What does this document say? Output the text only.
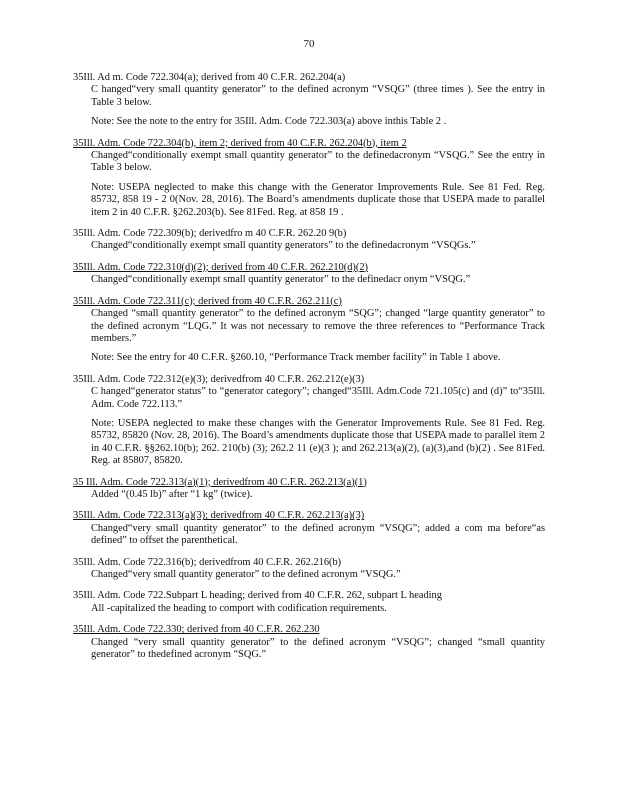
70
35Ill. Ad m. Code 722.304(a); derived from 40 C.F.R. 262.204(a)
C hanged“very small quantity generator” to the defined acronym “VSQG” (three times ). See the entry in Table 3 below.
Note: See the note to the entry for 35Ill. Adm. Code 722.303(a) above inthis Table 2 .
35Ill. Adm. Code 722.304(b), item 2; derived from 40 C.F.R. 262.204(b), item 2
Changed“conditionally exempt small quantity generator” to the definedacronym “VSQG.” See the entry in Table 3 below.
Note: USEPA neglected to make this change with the Generator Improvements Rule. See 81 Fed. Reg. 85732, 858 19 - 2 0(Nov. 28, 2016). The Board’s amendments duplicate those that USEPA made to parallel item 2 in 40 C.F.R. §262.203(b). See 81Fed. Reg. at 858 19 .
35Ill. Adm. Code 722.309(b); derivedfro m 40 C.F.R. 262.20 9(b)
Changed“conditionally exempt small quantity generators” to the definedacronym “VSQGs.”
35Ill. Adm. Code 722.310(d)(2); derived from 40 C.F.R. 262.210(d)(2)
Changed“conditionally exempt small quantity generator” to the definedacr onym “VSQG.”
35Ill. Adm. Code 722.311(c); derived from 40 C.F.R. 262.211(c)
Changed “small quantity generator” to the defined acronym “SQG”; changed “large quantity generator” to the defined acronym “LQG.” It was not necessary to remove the three references to “Performance Track members.”
Note: See the entry for 40 C.F.R. §260.10, “Performance Track member facility” in Table 1 above.
35Ill. Adm. Code 722.312(e)(3); derivedfrom 40 C.F.R. 262.212(e)(3)
C hanged“generator status” to “generator category”; changed“35Ill. Adm.Code 721.105(c) and (d)” to“35Ill. Adm. Code 722.113.”
Note: USEPA neglected to make these changes with the Generator Improvements Rule. See 81 Fed. Reg. 85732, 85820 (Nov. 28, 2016). The Board’s amendments duplicate those that USEPA made to parallel item 2 in 40 C.F.R. §§262.10(b); 262. 210(b) (3); 262.2 11 (e)(3 ); and 262.213(a)(2), (a)(3),and (b)(2) . See 81Fed. Reg. at 85807, 85820.
35 Ill. Adm. Code 722.313(a)(1); derivedfrom 40 C.F.R. 262.213(a)(1)
Added “(0.45 lb)” after “1 kg” (twice).
35Ill. Adm. Code 722.313(a)(3); derivedfrom 40 C.F.R. 262.213(a)(3)
Changed“very small quantity generator” to the defined acronym “VSQG”; added a com ma before“as defined” to offset the parenthetical.
35Ill. Adm. Code 722.316(b); derivedfrom 40 C.F.R. 262.216(b)
Changed“very small quantity generator” to the defined acronym “VSQG.”
35Ill. Adm. Code 722.Subpart L heading; derived from 40 C.F.R. 262, subpart L heading
All -capitalized the heading to comport with codification requirements.
35Ill. Adm. Code 722.330; derived from 40 C.F.R. 262.230
Changed “very small quantity generator” to the defined acronym “VSQG”; changed “small quantity generator” to thedefined acronym “SQG.”
